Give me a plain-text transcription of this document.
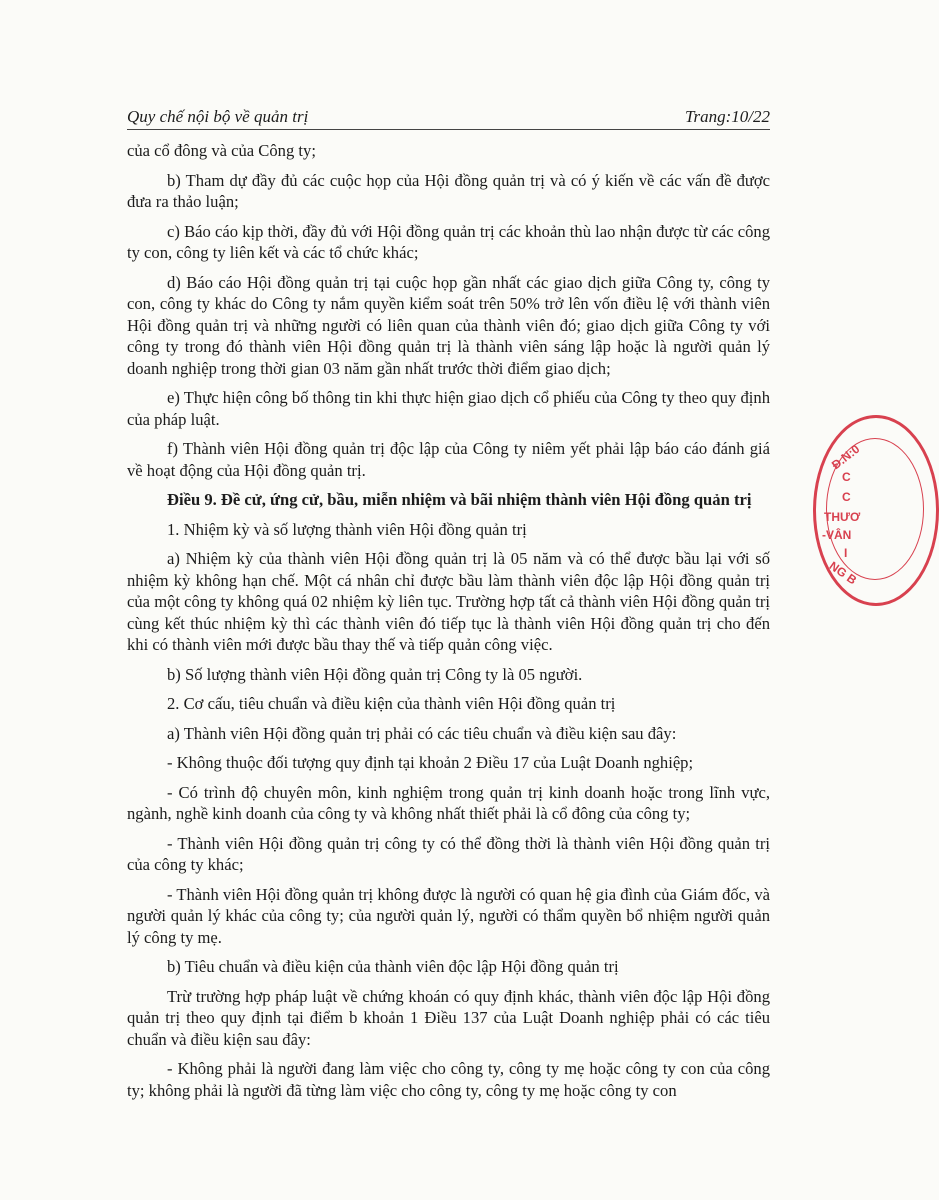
Quy chế nội bộ về quản trị	Trang:10/22

của cổ đông và của Công ty;

b) Tham dự đầy đủ các cuộc họp của Hội đồng quản trị và có ý kiến về các vấn đề được đưa ra thảo luận;

c) Báo cáo kịp thời, đầy đủ với Hội đồng quản trị các khoản thù lao nhận được từ các công ty con, công ty liên kết và các tổ chức khác;

d) Báo cáo Hội đồng quản trị tại cuộc họp gần nhất các giao dịch giữa Công ty, công ty con, công ty khác do Công ty nắm quyền kiểm soát trên 50% trở lên vốn điều lệ với thành viên Hội đồng quản trị và những người có liên quan của thành viên đó; giao dịch giữa Công ty với công ty trong đó thành viên Hội đồng quản trị là thành viên sáng lập hoặc là người quản lý doanh nghiệp trong thời gian 03 năm gần nhất trước thời điểm giao dịch;

e) Thực hiện công bố thông tin khi thực hiện giao dịch cổ phiếu của Công ty theo quy định của pháp luật.

f) Thành viên Hội đồng quản trị độc lập của Công ty niêm yết phải lập báo cáo đánh giá về hoạt động của Hội đồng quản trị.

Điều 9. Đề cử, ứng cử, bầu, miễn nhiệm và bãi nhiệm thành viên Hội đồng quản trị

1. Nhiệm kỳ và số lượng thành viên Hội đồng quản trị

a) Nhiệm kỳ của thành viên Hội đồng quản trị là 05 năm và có thể được bầu lại với số nhiệm kỳ không hạn chế. Một cá nhân chỉ được bầu làm thành viên độc lập Hội đồng quản trị của một công ty không quá 02 nhiệm kỳ liên tục. Trường hợp tất cả thành viên Hội đồng quản trị cùng kết thúc nhiệm kỳ thì các thành viên đó tiếp tục là thành viên Hội đồng quản trị cho đến khi có thành viên mới được bầu thay thế và tiếp quản công việc.

b) Số lượng thành viên Hội đồng quản trị Công ty là 05 người.

2. Cơ cấu, tiêu chuẩn và điều kiện của thành viên Hội đồng quản trị

a) Thành viên Hội đồng quản trị phải có các tiêu chuẩn và điều kiện sau đây:

- Không thuộc đối tượng quy định tại khoản 2 Điều 17 của Luật Doanh nghiệp;

- Có trình độ chuyên môn, kinh nghiệm trong quản trị kinh doanh hoặc trong lĩnh vực, ngành, nghề kinh doanh của công ty và không nhất thiết phải là cổ đông của công ty;

- Thành viên Hội đồng quản trị công ty có thể đồng thời là thành viên Hội đồng quản trị của công ty khác;

- Thành viên Hội đồng quản trị không được là người có quan hệ gia đình của Giám đốc, và người quản lý khác của công ty; của người quản lý, người có thẩm quyền bổ nhiệm người quản lý công ty mẹ.

b) Tiêu chuẩn và điều kiện của thành viên độc lập Hội đồng quản trị

Trừ trường hợp pháp luật về chứng khoán có quy định khác, thành viên độc lập Hội đồng quản trị theo quy định tại điểm b khoản 1 Điều 137 của Luật Doanh nghiệp phải có các tiêu chuẩn và điều kiện sau đây:

- Không phải là người đang làm việc cho công ty, công ty mẹ hoặc công ty con của công ty; không phải là người đã từng làm việc cho công ty, công ty mẹ hoặc công ty con

Đ.N:0
C
C
THƯƠ
-VÂN
I
NG B
